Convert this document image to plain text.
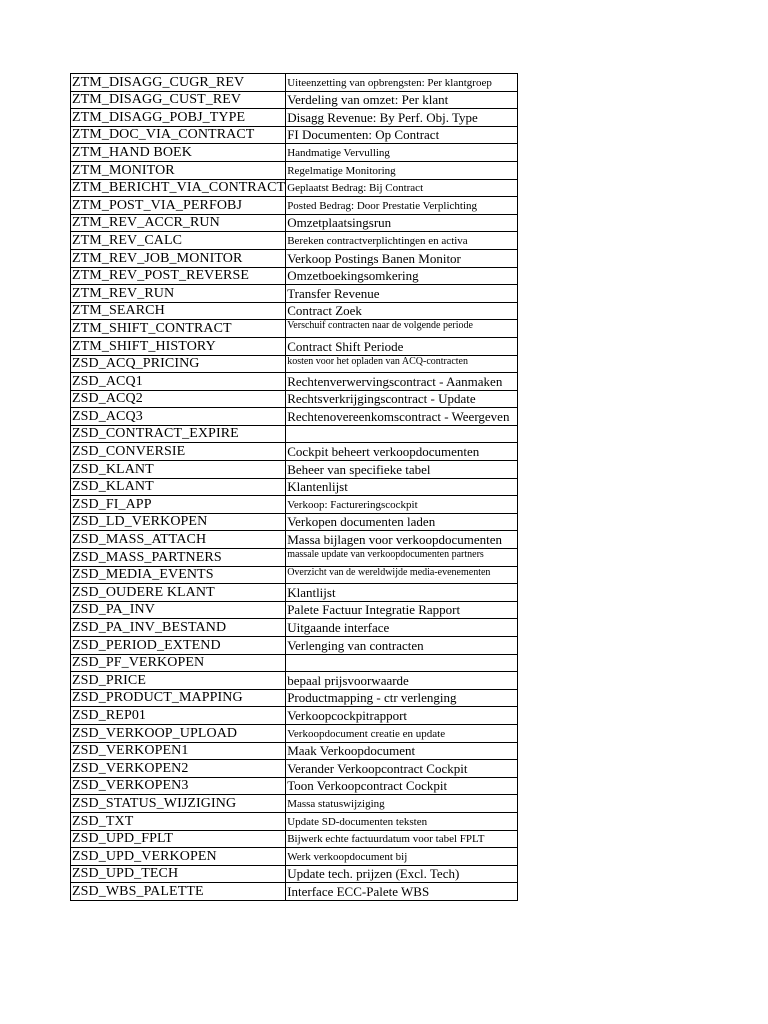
ZTM_DISAGG_CUGR_REV	Uiteenzetting van opbrengsten: Per klantgroep
ZTM_DISAGG_CUST_REV	Verdeling van omzet: Per klant
ZTM_DISAGG_POBJ_TYPE	Disagg Revenue: By Perf. Obj. Type
ZTM_DOC_VIA_CONTRACT	FI Documenten: Op Contract
ZTM_HAND BOEK	Handmatige Vervulling
ZTM_MONITOR	Regelmatige Monitoring
ZTM_BERICHT_VIA_CONTRACT	Geplaatst Bedrag: Bij Contract
ZTM_POST_VIA_PERFOBJ	Posted Bedrag: Door Prestatie Verplichting
ZTM_REV_ACCR_RUN	Omzetplaatsingsrun
ZTM_REV_CALC	Bereken contractverplichtingen en activa
ZTM_REV_JOB_MONITOR	Verkoop Postings Banen Monitor
ZTM_REV_POST_REVERSE	Omzetboekingsomkering
ZTM_REV_RUN	Transfer Revenue
ZTM_SEARCH	Contract Zoek
ZTM_SHIFT_CONTRACT	Verschuif contracten naar de volgende periode
ZTM_SHIFT_HISTORY	Contract Shift Periode
ZSD_ACQ_PRICING	kosten voor het opladen van ACQ-contracten
ZSD_ACQ1	Rechtenverwervingscontract - Aanmaken
ZSD_ACQ2	Rechtsverkrijgingscontract - Update
ZSD_ACQ3	Rechtenovereenkomscontract - Weergeven
ZSD_CONTRACT_EXPIRE	
ZSD_CONVERSIE	Cockpit beheert verkoopdocumenten
ZSD_KLANT	Beheer van specifieke tabel
ZSD_KLANT	Klantenlijst
ZSD_FI_APP	Verkoop: Factureringscockpit
ZSD_LD_VERKOPEN	Verkopen documenten laden
ZSD_MASS_ATTACH	Massa bijlagen voor verkoopdocumenten
ZSD_MASS_PARTNERS	massale update van verkoopdocumenten partners
ZSD_MEDIA_EVENTS	Overzicht van de wereldwijde media-evenementen
ZSD_OUDERE KLANT	Klantlijst
ZSD_PA_INV	Palete Factuur Integratie Rapport
ZSD_PA_INV_BESTAND	Uitgaande interface
ZSD_PERIOD_EXTEND	Verlenging van contracten
ZSD_PF_VERKOPEN	
ZSD_PRICE	bepaal prijsvoorwaarde
ZSD_PRODUCT_MAPPING	Productmapping - ctr verlenging
ZSD_REP01	Verkoopcockpitrapport
ZSD_VERKOOP_UPLOAD	Verkoopdocument creatie en update
ZSD_VERKOPEN1	Maak Verkoopdocument
ZSD_VERKOPEN2	Verander Verkoopcontract Cockpit
ZSD_VERKOPEN3	Toon Verkoopcontract Cockpit
ZSD_STATUS_WIJZIGING	Massa statuswijziging
ZSD_TXT	Update SD-documenten teksten
ZSD_UPD_FPLT	Bijwerk echte factuurdatum voor tabel FPLT
ZSD_UPD_VERKOPEN	Werk verkoopdocument bij
ZSD_UPD_TECH	Update tech. prijzen (Excl. Tech)
ZSD_WBS_PALETTE	Interface ECC-Palete WBS
